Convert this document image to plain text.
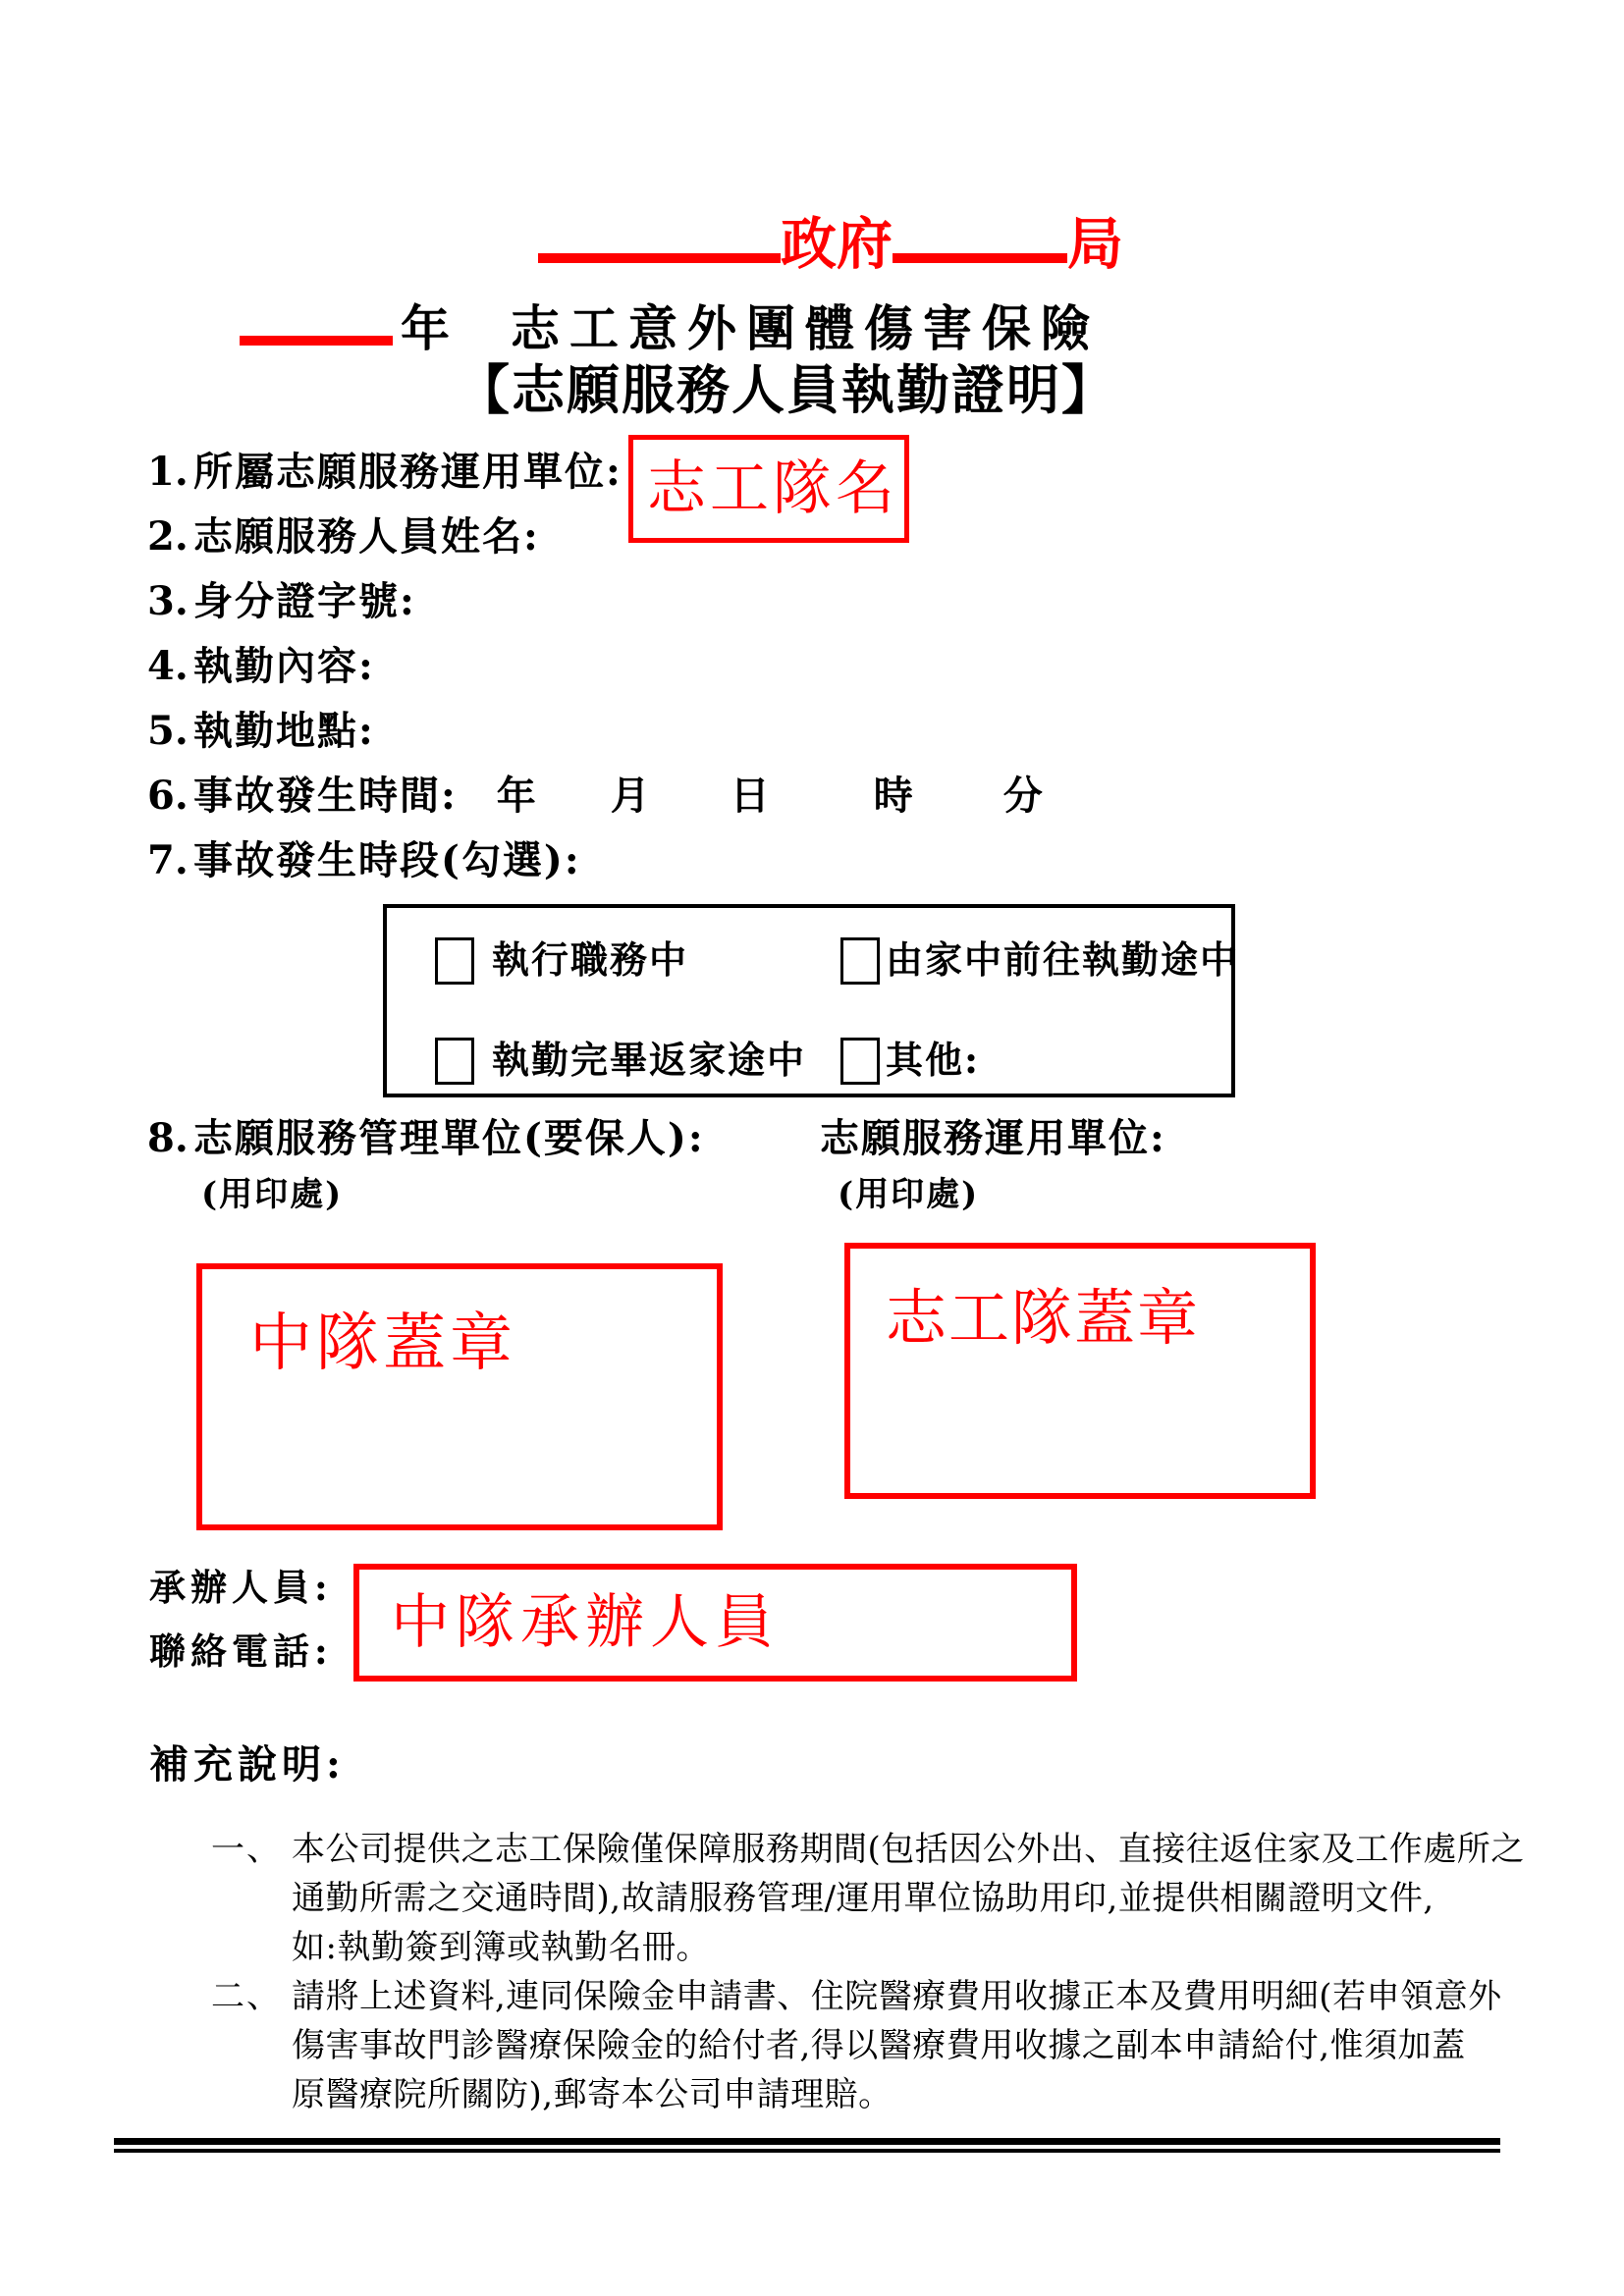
政府	局
年 志工意外團體傷害保險
【志願服務人員執勤證明】
1. 所屬志願服務運用單位: 志工隊名
2. 志願服務人員姓名:
3. 身分證字號:
4. 執勤內容:
5. 執勤地點:
6. 事故發生時間: 年 月 日	時 分
7. 事故發生時段(勾選):
執行職務中	由家中前往執勤途中
執勤完畢返家途中 其他:
8. 志願服務管理單位(要保人):	志願服務運用單位:
(用印處)	(用印處)
中隊蓋章	志工隊蓋章
承辦人員:
聯絡電話: 中隊承辦人員
補充說明:
一、 本公司提供之志工保險僅保障服務期間(包括因公外出、直接往返住家及工作處所之
通勤所需之交通時間),故請服務管理/運用單位協助用印,並提供相關證明文件,
如:執勤簽到簿或執勤名冊。
二、 請將上述資料,連同保險金申請書、住院醫療費用收據正本及費用明細(若申領意外
傷害事故門診醫療保險金的給付者,得以醫療費用收據之副本申請給付,惟須加蓋
原醫療院所關防),郵寄本公司申請理賠。
